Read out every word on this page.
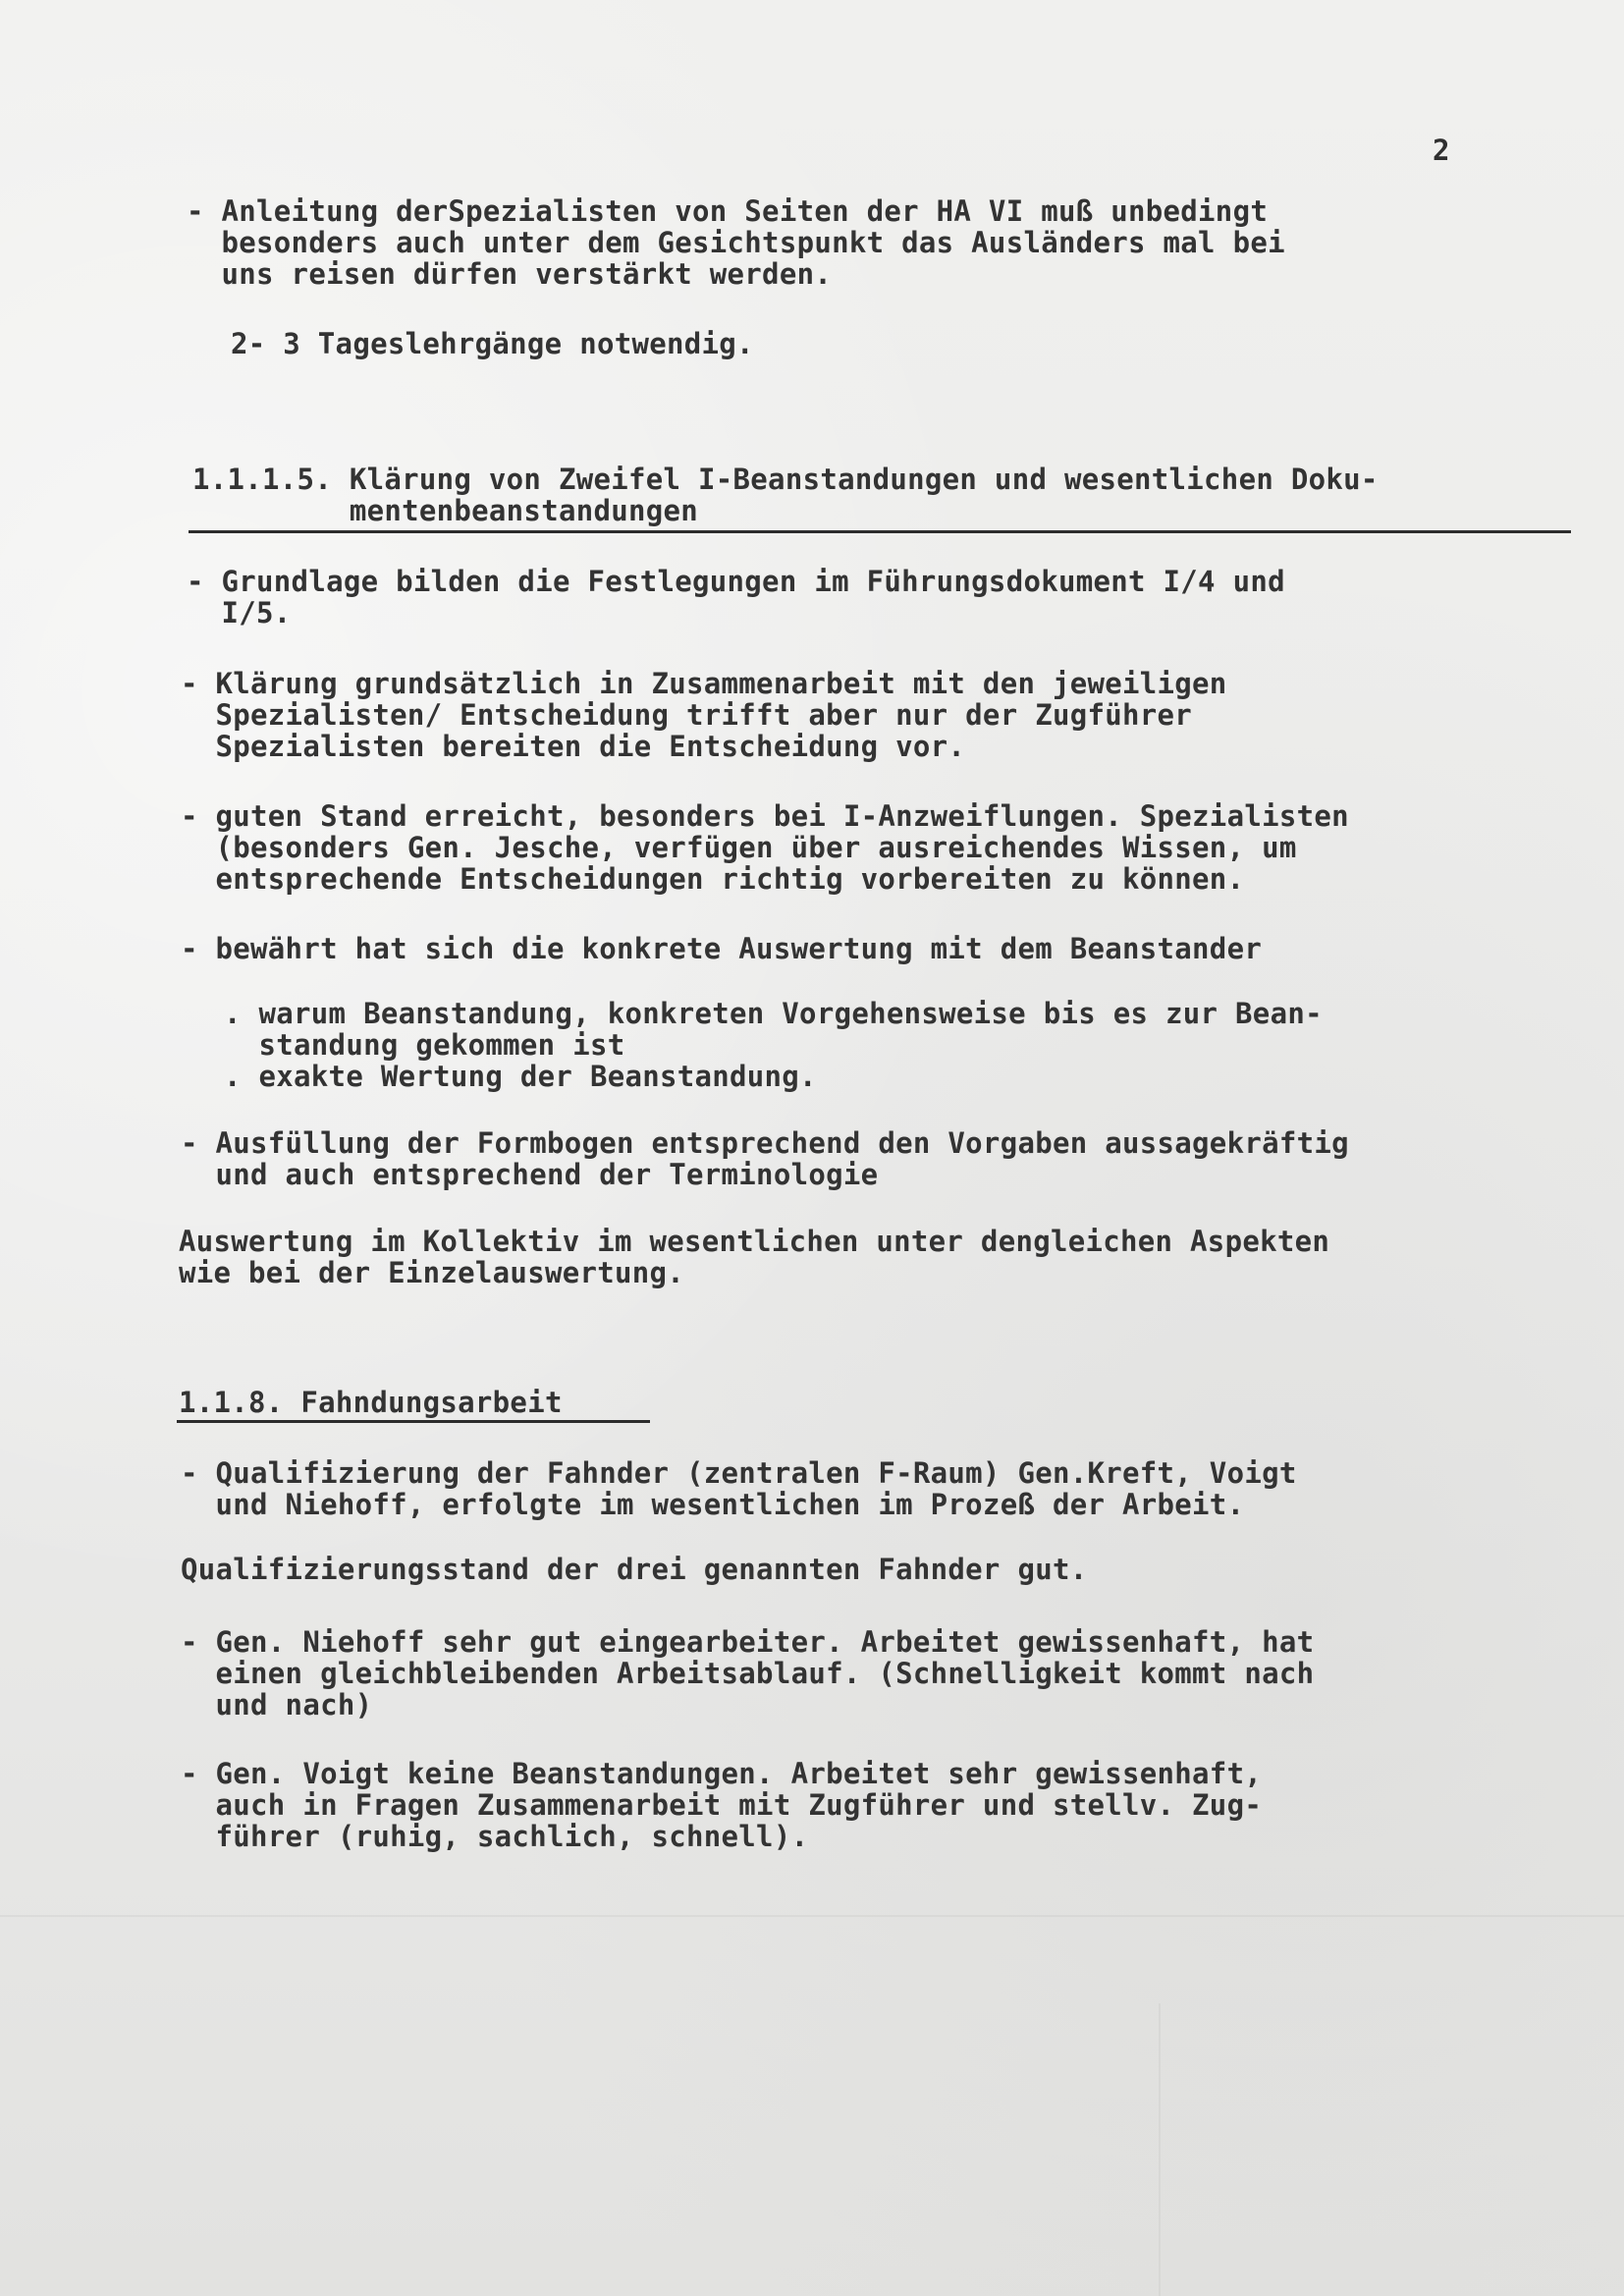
2
- Anleitung derSpezialisten von Seiten der HA VI muß unbedingt
besonders auch unter dem Gesichtspunkt das Ausländers mal bei
uns reisen dürfen verstärkt werden.
2- 3 Tageslehrgänge notwendig.
1.1.1.5. Klärung von Zweifel I-Beanstandungen und wesentlichen Doku-
mentenbeanstandungen
- Grundlage bilden die Festlegungen im Führungsdokument I/4 und
I/5.
- Klärung grundsätzlich in Zusammenarbeit mit den jeweiligen
Spezialisten/ Entscheidung trifft aber nur der Zugführer
Spezialisten bereiten die Entscheidung vor.
- guten Stand erreicht, besonders bei I-Anzweiflungen. Spezialisten
(besonders Gen. Jesche, verfügen über ausreichendes Wissen, um
entsprechende Entscheidungen richtig vorbereiten zu können.
- bewährt hat sich die konkrete Auswertung mit dem Beanstander
. warum Beanstandung, konkreten Vorgehensweise bis es zur Bean-
standung gekommen ist
. exakte Wertung der Beanstandung.
- Ausfüllung der Formbogen entsprechend den Vorgaben aussagekräftig
und auch entsprechend der Terminologie
Auswertung im Kollektiv im wesentlichen unter dengleichen Aspekten
wie bei der Einzelauswertung.
1.1.8. Fahndungsarbeit
- Qualifizierung der Fahnder (zentralen F-Raum) Gen.Kreft, Voigt
und Niehoff, erfolgte im wesentlichen im Prozeß der Arbeit.
Qualifizierungsstand der drei genannten Fahnder gut.
- Gen. Niehoff sehr gut eingearbeiter. Arbeitet gewissenhaft, hat
einen gleichbleibenden Arbeitsablauf. (Schnelligkeit kommt nach
und nach)
- Gen. Voigt keine Beanstandungen. Arbeitet sehr gewissenhaft,
auch in Fragen Zusammenarbeit mit Zugführer und stellv. Zug-
führer (ruhig, sachlich, schnell).
